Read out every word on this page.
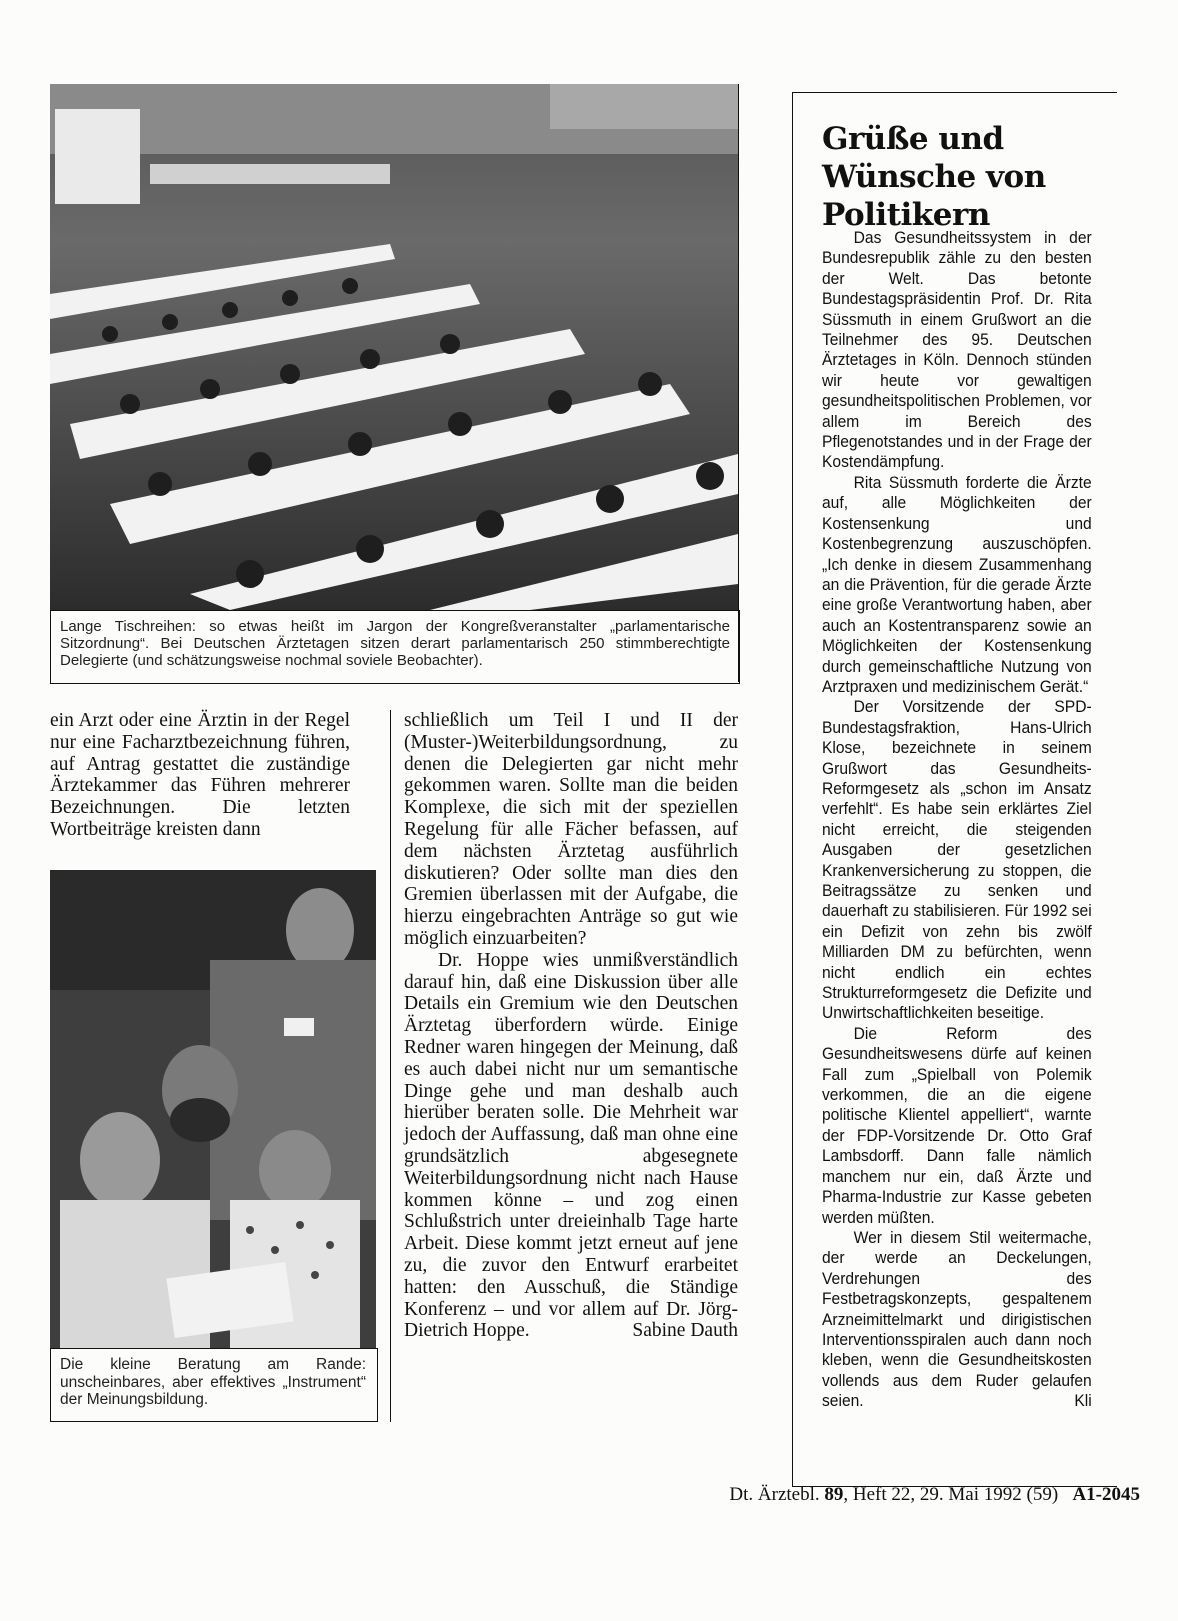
Lange Tischreihen: so etwas heißt im Jargon der Kongreßveranstalter „parlamentarische Sitzordnung“. Bei Deutschen Ärztetagen sitzen derart parlamentarisch 250 stimmberechtigte Delegierte (und schätzungsweise nochmal soviele Beobachter).

ein Arzt oder eine Ärztin in der Regel nur eine Facharztbezeichnung führen, auf Antrag gestattet die zuständige Ärztekammer das Führen mehrerer Bezeichnungen. Die letzten Wortbeiträge kreisten dann

Die kleine Beratung am Rande: unscheinbares, aber effektives „Instrument“ der Meinungsbildung.

schließlich um Teil I und II der (Muster-)Weiterbildungsordnung, zu denen die Delegierten gar nicht mehr gekommen waren. Sollte man die beiden Komplexe, die sich mit der speziellen Regelung für alle Fächer befassen, auf dem nächsten Ärztetag ausführlich diskutieren? Oder sollte man dies den Gremien überlassen mit der Aufgabe, die hierzu eingebrachten Anträge so gut wie möglich einzuarbeiten?

Dr. Hoppe wies unmißverständlich darauf hin, daß eine Diskussion über alle Details ein Gremium wie den Deutschen Ärztetag überfordern würde. Einige Redner waren hingegen der Meinung, daß es auch dabei nicht nur um semantische Dinge gehe und man deshalb auch hierüber beraten solle. Die Mehrheit war jedoch der Auffassung, daß man ohne eine grundsätzlich abgesegnete Weiterbildungsordnung nicht nach Hause kommen könne – und zog einen Schlußstrich unter dreieinhalb Tage harte Arbeit. Diese kommt jetzt erneut auf jene zu, die zuvor den Entwurf erarbeitet hatten: den Ausschuß, die Ständige Konferenz – und vor allem auf Dr. Jörg-Dietrich Hoppe.	Sabine Dauth

Grüße und Wünsche von Politikern

Das Gesundheitssystem in der Bundesrepublik zähle zu den besten der Welt. Das betonte Bundestagspräsidentin Prof. Dr. Rita Süssmuth in einem Grußwort an die Teilnehmer des 95. Deutschen Ärztetages in Köln. Dennoch stünden wir heute vor gewaltigen gesundheitspolitischen Problemen, vor allem im Bereich des Pflegenotstandes und in der Frage der Kostendämpfung.

Rita Süssmuth forderte die Ärzte auf, alle Möglichkeiten der Kostensenkung und Kostenbegrenzung auszuschöpfen. „Ich denke in diesem Zusammenhang an die Prävention, für die gerade Ärzte eine große Verantwortung haben, aber auch an Kostentransparenz sowie an Möglichkeiten der Kostensenkung durch gemeinschaftliche Nutzung von Arztpraxen und medizinischem Gerät.“

Der Vorsitzende der SPD-Bundestagsfraktion, Hans-Ulrich Klose, bezeichnete in seinem Grußwort das Gesundheits-Reformgesetz als „schon im Ansatz verfehlt“. Es habe sein erklärtes Ziel nicht erreicht, die steigenden Ausgaben der gesetzlichen Krankenversicherung zu stoppen, die Beitragssätze zu senken und dauerhaft zu stabilisieren. Für 1992 sei ein Defizit von zehn bis zwölf Milliarden DM zu befürchten, wenn nicht endlich ein echtes Strukturreformgesetz die Defizite und Unwirtschaftlichkeiten beseitige.

Die Reform des Gesundheitswesens dürfe auf keinen Fall zum „Spielball von Polemik verkommen, die an die eigene politische Klientel appelliert“, warnte der FDP-Vorsitzende Dr. Otto Graf Lambsdorff. Dann falle nämlich manchem nur ein, daß Ärzte und Pharma-Industrie zur Kasse gebeten werden müßten.

Wer in diesem Stil weitermache, der werde an Deckelungen, Verdrehungen des Festbetragskonzepts, gespaltenem Arzneimittelmarkt und dirigistischen Interventionsspiralen auch dann noch kleben, wenn die Gesundheitskosten vollends aus dem Ruder gelaufen seien.	Kli

Dt. Ärztebl. 89, Heft 22, 29. Mai 1992 (59) A1-2045
